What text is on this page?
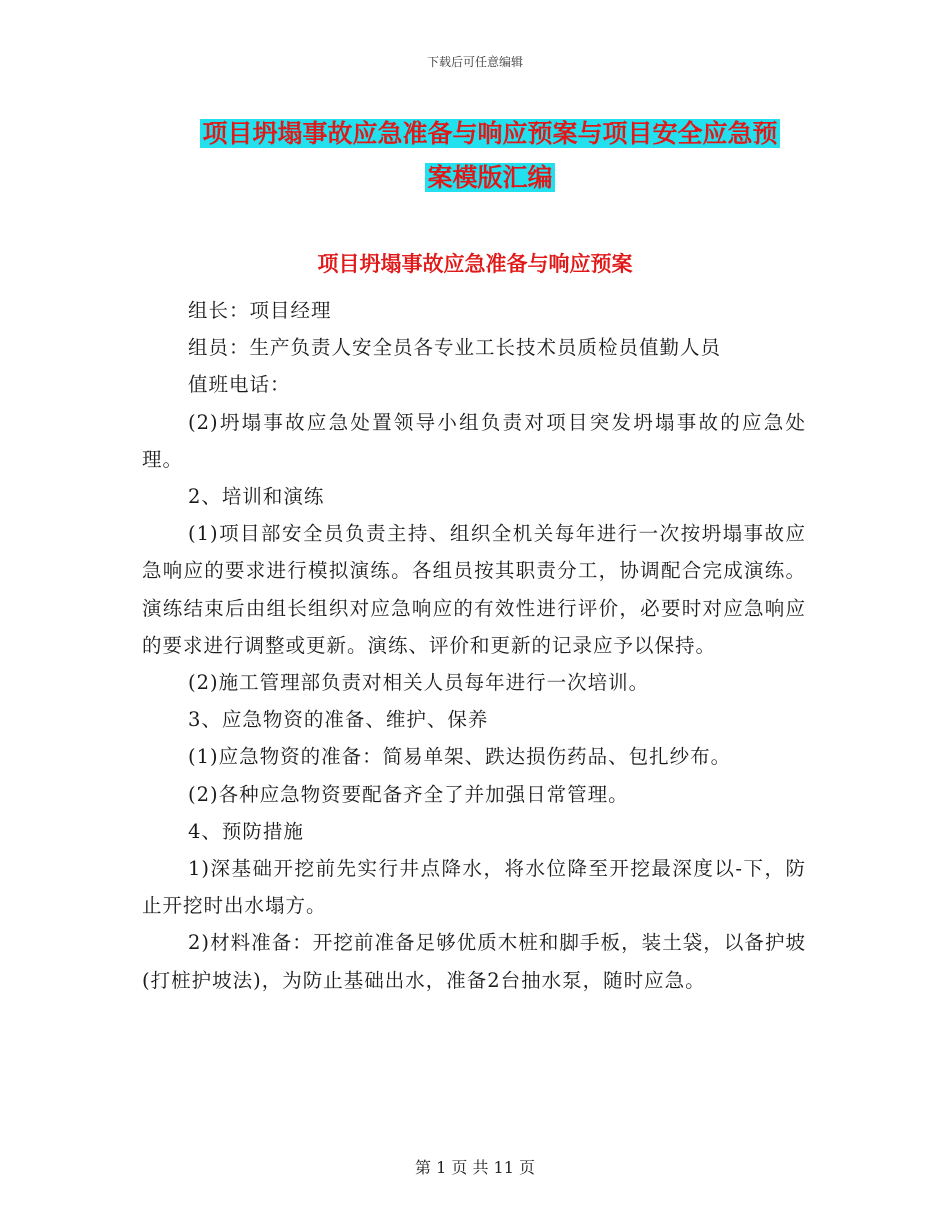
下载后可任意编辑
项目坍塌事故应急准备与响应预案与项目安全应急预
案模版汇编
项目坍塌事故应急准备与响应预案

组长：项目经理

组员：生产负责人安全员各专业工长技术员质检员值勤人员

值班电话：

(2)坍塌事故应急处置领导小组负责对项目突发坍塌事故的应急处理。

2、培训和演练

(1)项目部安全员负责主持、组织全机关每年进行一次按坍塌事故应急响应的要求进行模拟演练。各组员按其职责分工，协调配合完成演练。演练结束后由组长组织对应急响应的有效性进行评价，必要时对应急响应的要求进行调整或更新。演练、评价和更新的记录应予以保持。

(2)施工管理部负责对相关人员每年进行一次培训。

3、应急物资的准备、维护、保养

(1)应急物资的准备：简易单架、跌达损伤药品、包扎纱布。

(2)各种应急物资要配备齐全了并加强日常管理。

4、预防措施

1)深基础开挖前先实行井点降水，将水位降至开挖最深度以-下，防止开挖时出水塌方。

2)材料准备：开挖前准备足够优质木桩和脚手板，装土袋，以备护坡(打桩护坡法)，为防止基础出水，准备2台抽水泵，随时应急。

第 1 页 共 11 页
